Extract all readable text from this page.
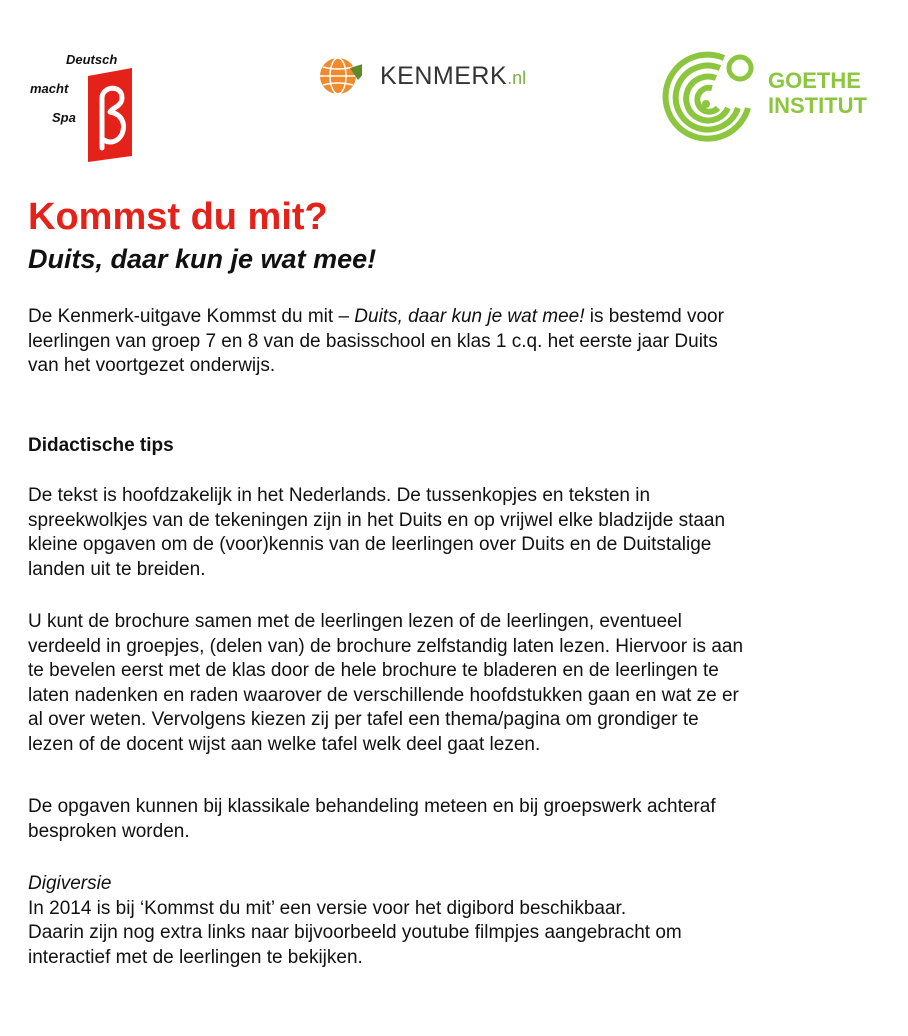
Deutsch
macht
Spa
KENMERK.nl	GOETHE
INSTITUT
Kommst du mit?
Duits, daar kun je wat mee!

De Kenmerk-uitgave Kommst du mit – Duits, daar kun je wat mee! is bestemd voor
leerlingen van groep 7 en 8 van de basisschool en klas 1 c.q. het eerste jaar Duits
van het voortgezet onderwijs.

Didactische tips

De tekst is hoofdzakelijk in het Nederlands. De tussenkopjes en teksten in
spreekwolkjes van de tekeningen zijn in het Duits en op vrijwel elke bladzijde staan
kleine opgaven om de (voor)kennis van de leerlingen over Duits en de Duitstalige
landen uit te breiden.

U kunt de brochure samen met de leerlingen lezen of de leerlingen, eventueel
verdeeld in groepjes, (delen van) de brochure zelfstandig laten lezen. Hiervoor is aan
te bevelen eerst met de klas door de hele brochure te bladeren en de leerlingen te
laten nadenken en raden waarover de verschillende hoofdstukken gaan en wat ze er
al over weten. Vervolgens kiezen zij per tafel een thema/pagina om grondiger te
lezen of de docent wijst aan welke tafel welk deel gaat lezen.

De opgaven kunnen bij klassikale behandeling meteen en bij groepswerk achteraf
besproken worden.

Digiversie
In 2014 is bij ‘Kommst du mit’ een versie voor het digibord beschikbaar.
Daarin zijn nog extra links naar bijvoorbeeld youtube filmpjes aangebracht om
interactief met de leerlingen te bekijken.
